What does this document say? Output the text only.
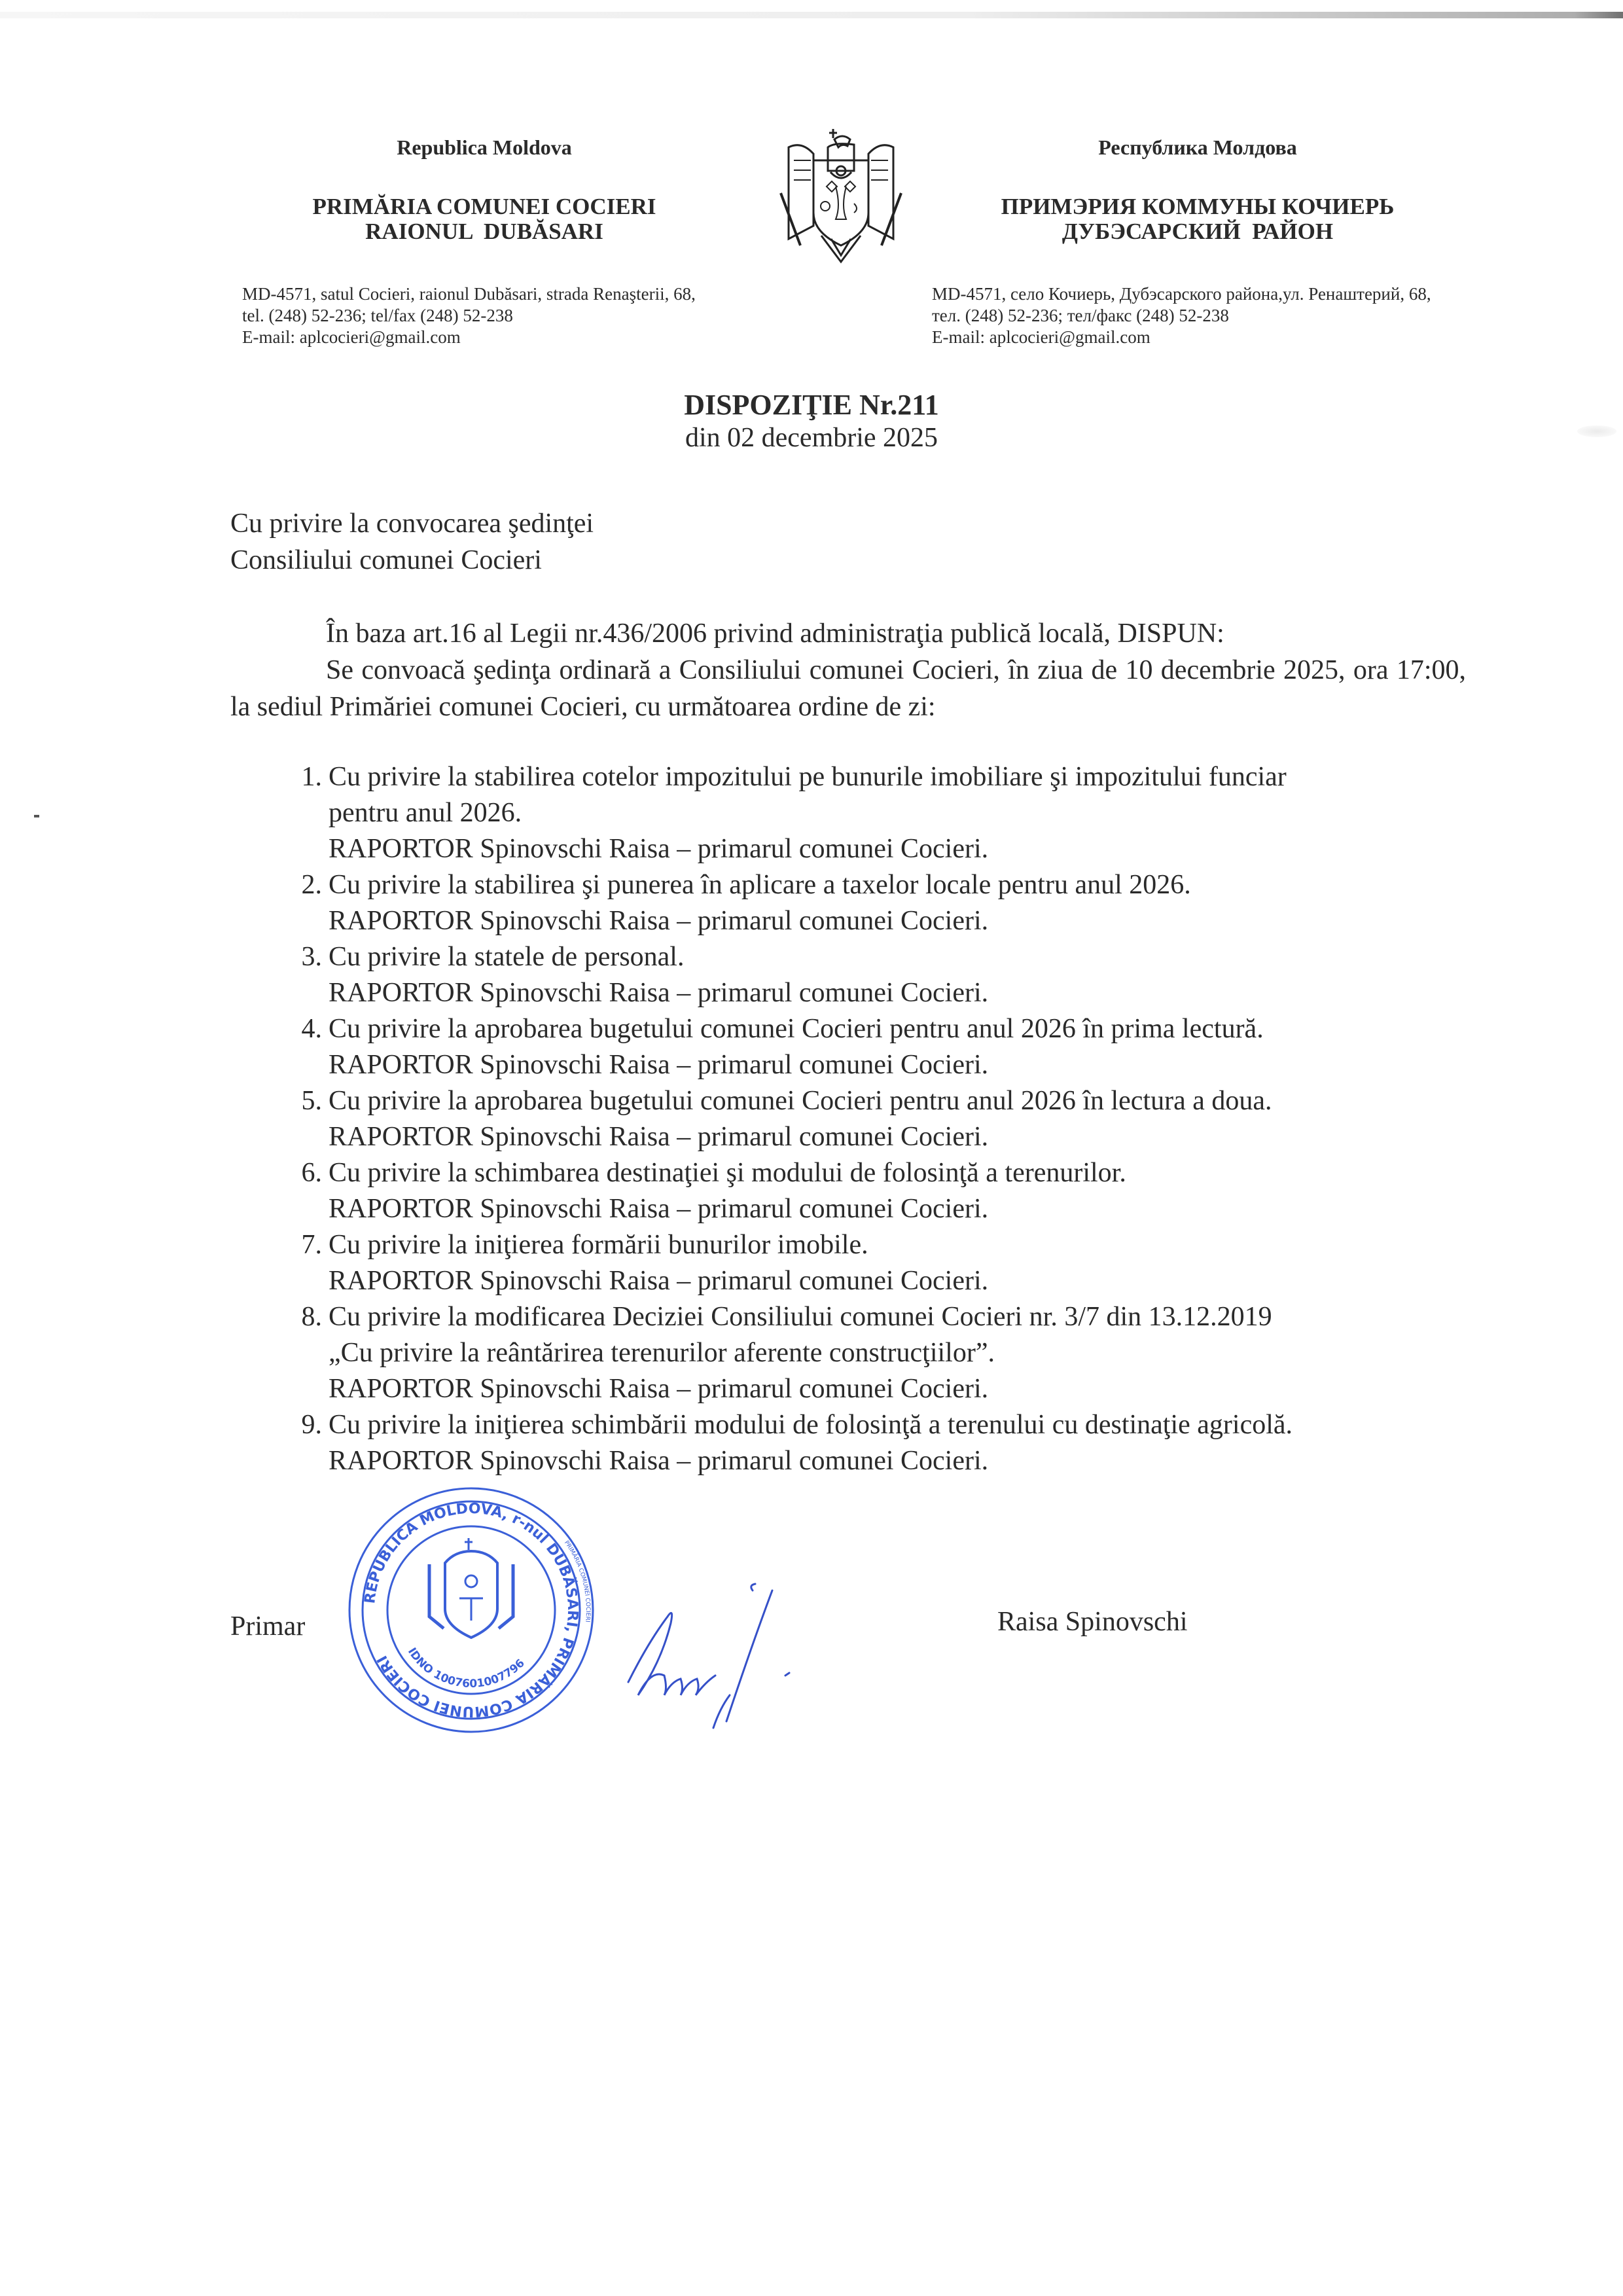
Republica Moldova
PRIMĂRIA COMUNEI COCIERI
RAIONUL  DUBĂSARI
Республика Молдова
ПРИМЭРИЯ КОММУНЫ КОЧИЕРЬ
ДУБЭСАРСКИЙ  РАЙОН
MD-4571, satul Cocieri, raionul Dubăsari, strada Renaşterii, 68,
tel. (248) 52-236; tel/fax (248) 52-238
E-mail: aplcocieri@gmail.com
MD-4571, село Кочиерь, Дубэсарского района,ул. Ренаштерий, 68,
тел. (248) 52-236; тел/факс (248) 52-238
E-mail: aplcocieri@gmail.com
DISPOZIŢIE Nr.211
din 02 decembrie 2025
Cu privire la convocarea şedinţei
Consiliului comunei Cocieri
În baza art.16 al Legii nr.436/2006 privind administraţia publică locală, DISPUN:
Se convoacă şedinţa ordinară a Consiliului comunei Cocieri, în ziua de 10 decembrie 2025, ora 17:00, la sediul Primăriei comunei Cocieri, cu următoarea ordine de zi:
1. Cu privire la stabilirea cotelor impozitului pe bunurile imobiliare şi impozitului funciar
pentru anul 2026.
RAPORTOR Spinovschi Raisa – primarul comunei Cocieri.
2. Cu privire la stabilirea şi punerea în aplicare a taxelor locale pentru anul 2026.
RAPORTOR Spinovschi Raisa – primarul comunei Cocieri.
3. Cu privire la statele de personal.
RAPORTOR Spinovschi Raisa – primarul comunei Cocieri.
4. Cu privire la aprobarea bugetului comunei Cocieri pentru anul 2026 în prima lectură.
RAPORTOR Spinovschi Raisa – primarul comunei Cocieri.
5. Cu privire la aprobarea bugetului comunei Cocieri pentru anul 2026 în lectura a doua.
RAPORTOR Spinovschi Raisa – primarul comunei Cocieri.
6. Cu privire la schimbarea destinaţiei şi modului de folosinţă a terenurilor.
RAPORTOR Spinovschi Raisa – primarul comunei Cocieri.
7. Cu privire la iniţierea formării bunurilor imobile.
RAPORTOR Spinovschi Raisa – primarul comunei Cocieri.
8. Cu privire la modificarea Deciziei Consiliului comunei Cocieri nr. 3/7 din 13.12.2019
„Cu privire la reântărirea terenurilor aferente construcţiilor”.
RAPORTOR Spinovschi Raisa – primarul comunei Cocieri.
9. Cu privire la iniţierea schimbării modului de folosinţă a terenului cu destinaţie agricolă.
RAPORTOR Spinovschi Raisa – primarul comunei Cocieri.
Primar
REPUBLICA MOLDOVA, r-nul DUBĂSARI, PRIMĂRIA COMUNEI COCIERI
PRIMĂRIA COMUNEI COCIERI
IDNO 1007601007796
Raisa Spinovschi
